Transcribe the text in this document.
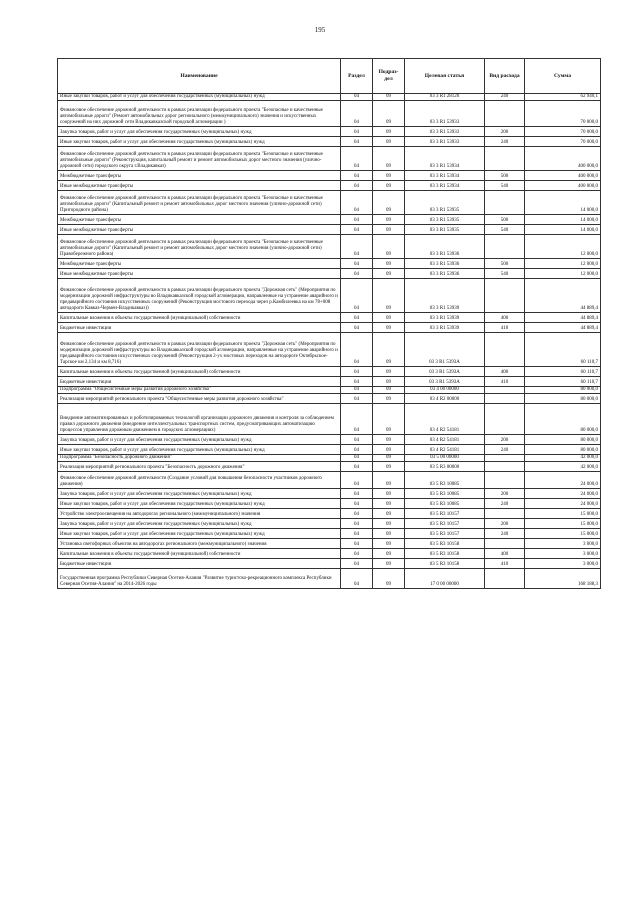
195
Наименование	Раздел	Подраз-дел	Целевая статья	Вид расхода	Сумма
Иные закупки товаров, работ и услуг для обеспечения государственных (муниципальных) нужд	04	09	03 3 R1 28120	240	62 940,1
Финансовое обеспечение дорожной деятельности в рамках реализации федерального проекта "Безопасные и качественные автомобильные дороги" (Ремонт автомобильных дорог регионального (межмуниципального) значения и искусственных сооружений на них дорожной сети Владикавказской городской агломерации )	04	09	03 3 R1 53933		70 000,0
Закупка товаров, работ и услуг для обеспечения государственных (муниципальных) нужд	04	09	03 3 R1 53933	200	70 000,0
Иные закупки товаров, работ и услуг для обеспечения государственных (муниципальных) нужд	04	09	03 3 R1 53933	240	70 000,0
Финансовое обеспечение дорожной деятельности в рамках реализации федерального проекта "Безопасные и качественные автомобильные дороги" (Реконструкция, капитальный ремонт и ремонт автомобильных дорог местного значения (улично-дорожной сети) городского округа г.Владикавказ)	04	09	03 3 R1 53934		400 000,0
Межбюджетные трансферты	04	09	03 3 R1 53934	500	400 000,0
Иные межбюджетные трансферты	04	09	03 3 R1 53934	540	400 000,0
Финансовое обеспечение дорожной деятельности в рамках реализации федерального проекта "Безопасные и качественные автомобильные дороги" (Капитальный ремонт и ремонт автомобильных дорог местного значения (улично-дорожной сети) Пригородного района)	04	09	03 3 R1 53935		14 000,0
Межбюджетные трансферты	04	09	03 3 R1 53935	500	14 000,0
Иные межбюджетные трансферты	04	09	03 3 R1 53935	540	14 000,0
Финансовое обеспечение дорожной деятельности в рамках реализации федерального проекта "Безопасные и качественные автомобильные дороги" (Капитальный ремонт и ремонт автомобильных дорог местного значения (улично-дорожной сети) Правобережного района)	04	09	03 3 R1 53936		12 000,0
Межбюджетные трансферты	04	09	03 3 R1 53936	500	12 000,0
Иные межбюджетные трансферты	04	09	03 3 R1 53936	540	12 000,0
Финансовое обеспечение дорожной деятельности в рамках реализации федерального проекта "Дорожная сеть" (Мероприятия по модернизации дорожной инфраструктуры во Владикавказской городской агломерации, направленные на устранение аварийного и предаварийного состояния искусственных сооружений (Реконструкция мостового перехода через р.Камбилеевка на км 78+008 автодороги Кавказ-Чермен-Владикавказ))	04	09	03 3 R1 53939		44 889,4
Капитальные вложения в объекты государственной (муниципальной) собственности	04	09	03 3 R1 53939	400	44 889,4
Бюджетные инвестиции	04	09	03 3 R1 53939	410	44 889,4
Финансовое обеспечение дорожной деятельности в рамках реализации федерального проекта "Дорожная сеть" (Мероприятия по модернизации дорожной инфраструктуры во Владикавказской городской агломерации, направленные на устранение аварийного и предаварийного состояния искусственных сооружений (Реконструкция 2-ух мостовых переходов на автодороге Октябрьское-Тарское км 2,134 и км 8,716)	04	09	03 3 R1 5393А		60 110,7
Капитальные вложения в объекты государственной (муниципальной) собственности	04	09	03 3 R1 5393А	400	60 110,7
Бюджетные инвестиции	04	09	03 3 R1 5393А	410	60 110,7
Подпрограмма "Общесистемные меры развития дорожного хозяйства"	04	09	03 4 00 00000		80 000,0
Реализация мероприятий регионального проекта "Общесистемные меры развития дорожного хозяйства"	04	09	03 4 R2 00000		80 000,0
Внедрение автоматизированных и роботизированных технологий организации дорожного движения и контроля за соблюдением правил дорожного движения (внедрение интеллектуальных транспортных систем, предусматривающих автоматизацию процессов управления дорожным движением в городских агломерациях)	04	09	03 4 R2 54181		80 000,0
Закупка товаров, работ и услуг для обеспечения государственных (муниципальных) нужд	04	09	03 4 R2 54181	200	80 000,0
Иные закупки товаров, работ и услуг для обеспечения государственных (муниципальных) нужд	04	09	03 4 R2 54181	240	80 000,0
Подпрограмма "Безопасность дорожного движения"	04	09	03 5 00 00000		42 000,0
Реализация мероприятий регионального проекта "Безопасность дорожного движения"	04	09	03 5 R3 00000		42 000,0
Финансовое обеспечение дорожной деятельности (Создание условий для повышения безопасности участников дорожного движения)	04	09	03 5 R3 10085		24 000,0
Закупка товаров, работ и услуг для обеспечения государственных (муниципальных) нужд	04	09	03 5 R3 10085	200	24 000,0
Иные закупки товаров, работ и услуг для обеспечения государственных (муниципальных) нужд	04	09	03 5 R3 10085	240	24 000,0
Устройство электроосвещения на автодорогах регионального (межмуниципального) значения	04	09	03 5 R3 10157		15 000,0
Закупка товаров, работ и услуг для обеспечения государственных (муниципальных) нужд	04	09	03 5 R3 10157	200	15 000,0
Иные закупки товаров, работ и услуг для обеспечения государственных (муниципальных) нужд	04	09	03 5 R3 10157	240	15 000,0
Установка светофорных объектов на автодорогах регионального (межмуниципального) значения	04	09	03 5 R3 10158		3 000,0
Капитальные вложения в объекты государственной (муниципальной) собственности	04	09	03 5 R3 10158	400	3 000,0
Бюджетные инвестиции	04	09	03 5 R3 10158	410	3 000,0
Государственная программа Республики Северная Осетия-Алания "Развитие туристско-рекреационного комплекса Республики Северная Осетия-Алания" на 2014-2026 годы	04	09	17 0 00 00000		168 188,3
